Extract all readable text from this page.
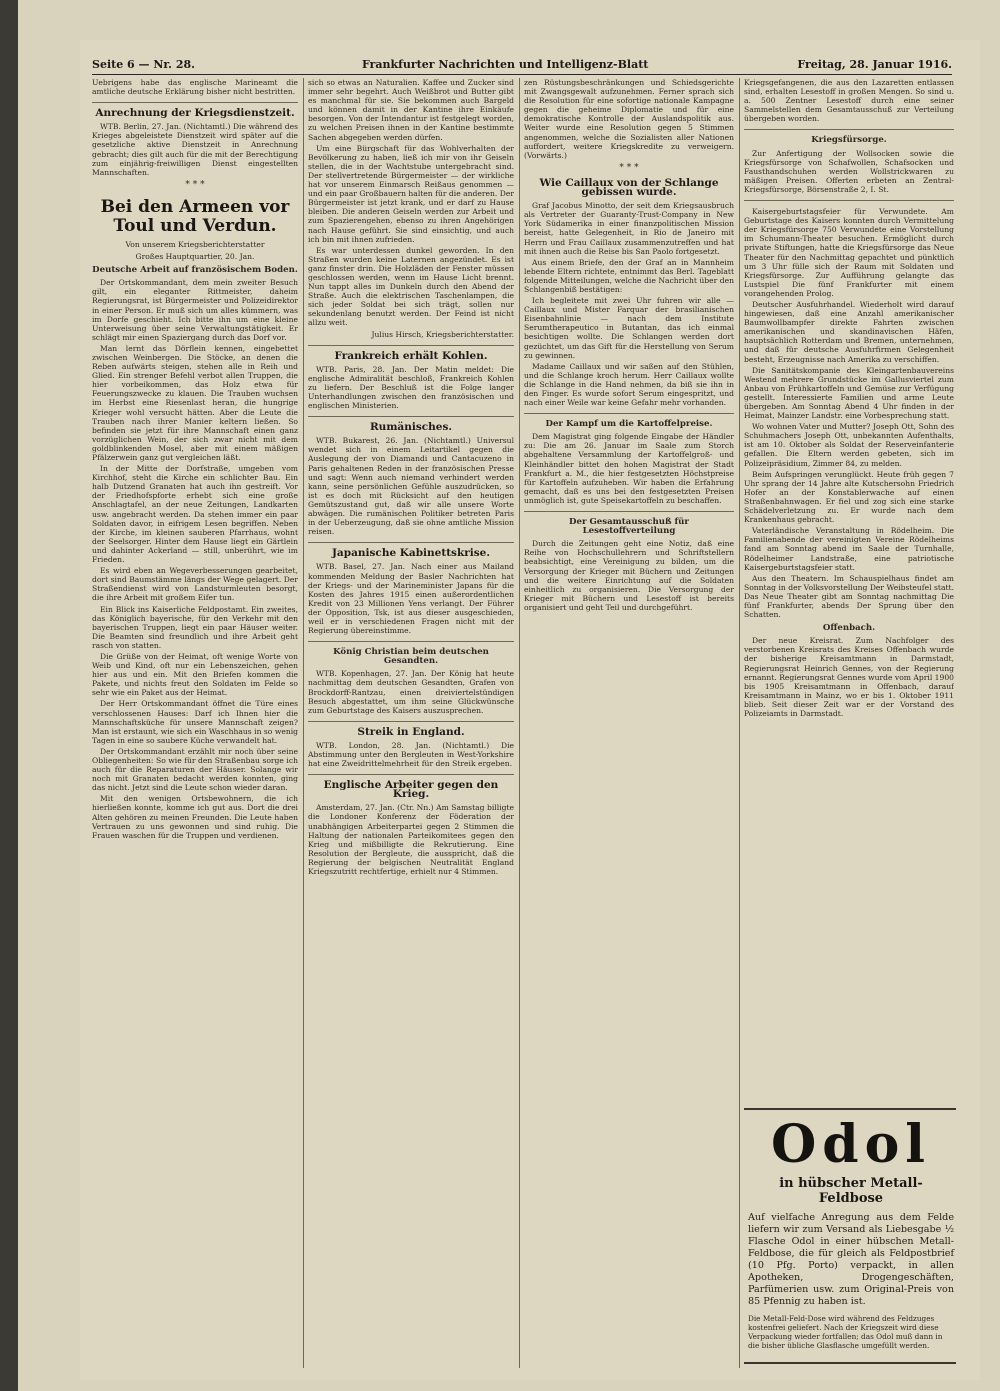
Seite 6 — Nr. 28.	Frankfurter Nachrichten und Intelligenz-Blatt	Freitag, 28. Januar 1916.

Uebrigens habe das englische Marineamt die amtliche deutsche Erklärung bisher nicht bestritten.

Anrechnung der Kriegsdienstzeit.

WTB. Berlin, 27. Jan. (Nichtamtl.) Die während des Krieges abgeleistete Dienstzeit wird später auf die gesetzliche aktive Dienstzeit in Anrechnung gebracht; dies gilt auch für die mit der Berechtigung zum einjährig-freiwilligen Dienst eingestellten Mannschaften.

* * *
Bei den Armeen vor Toul und Verdun.
Von unserem Kriegsberichterstatter
Großes Hauptquartier, 20. Jan.
Deutsche Arbeit auf französischem Boden.

Der Ortskommandant, dem mein zweiter Besuch gilt, ein eleganter Rittmeister, daheim Regierungsrat, ist Bürgermeister und Polizeidirektor in einer Person. Er muß sich um alles kümmern, was im Dorfe geschieht. Ich bitte ihn um eine kleine Unterweisung über seine Verwaltungstätigkeit. Er schlägt mir einen Spaziergang durch das Dorf vor.

Man lernt das Dörflein kennen, eingebettet zwischen Weinbergen. Die Stöcke, an denen die Reben aufwärts steigen, stehen alle in Reih und Glied. Ein strenger Befehl verbot allen Truppen, die hier vorbeikommen, das Holz etwa für Feuerungszwecke zu klauen. Die Trauben wuchsen im Herbst eine Riesenlast heran, die hungrige Krieger wohl versucht hätten. Aber die Leute die Trauben nach ihrer Manier keltern ließen. So befinden sie jetzt für ihre Mannschaft einen ganz vorzüglichen Wein, der sich zwar nicht mit dem goldblinkenden Mosel, aber mit einem mäßigen Pfälzerwein ganz gut vergleichen läßt.

In der Mitte der Dorfstraße, umgeben vom Kirchhof, steht die Kirche ein schlichter Bau. Ein halb Dutzend Granaten hat auch ihn gestreift. Vor der Friedhofspforte erhebt sich eine große Anschlagtafel, an der neue Zeitungen, Landkarten usw. angebracht werden. Da stehen immer ein paar Soldaten davor, in eifrigem Lesen begriffen. Neben der Kirche, im kleinen sauberen Pfarrhaus, wohnt der Seelsorger. Hinter dem Hause liegt ein Gärtlein und dahinter Ackerland — still, unberührt, wie im Frieden.

Es wird eben an Wegeverbesserungen gearbeitet, dort sind Baumstämme längs der Wege gelagert. Der Straßendienst wird von Landsturmleuten besorgt, die ihre Arbeit mit großem Eifer tun.

Ein Blick ins Kaiserliche Feldpostamt. Ein zweites, das Königlich bayerische, für den Verkehr mit den bayerischen Truppen, liegt ein paar Häuser weiter. Die Beamten sind freundlich und ihre Arbeit geht rasch von statten.

Die Grüße von der Heimat, oft wenige Worte von Weib und Kind, oft nur ein Lebenszeichen, gehen hier aus und ein. Mit den Briefen kommen die Pakete, und nichts freut den Soldaten im Felde so sehr wie ein Paket aus der Heimat.

Der Herr Ortskommandant öffnet die Türe eines verschlossenen Hauses: Darf ich Ihnen hier die Mannschaftsküche für unsere Mannschaft zeigen? Man ist erstaunt, wie sich ein Waschhaus in so wenig Tagen in eine so saubere Küche verwandelt hat.

Der Ortskommandant erzählt mir noch über seine Obliegenheiten: So wie für den Straßenbau sorge ich auch für die Reparaturen der Häuser. Solange wir noch mit Granaten bedacht werden konnten, ging das nicht. Jetzt sind die Leute schon wieder daran.

Mit den wenigen Ortsbewohnern, die ich hierließen konnte, komme ich gut aus. Dort die drei Alten gehören zu meinen Freunden. Die Leute haben Vertrauen zu uns gewonnen und sind ruhig. Die Frauen waschen für die Truppen und verdienen.

sich so etwas an Naturalien. Kaffee und Zucker sind immer sehr begehrt. Auch Weißbrot und Butter gibt es manchmal für sie. Sie bekommen auch Bargeld und können damit in der Kantine ihre Einkäufe besorgen. Von der Intendantur ist festgelegt worden, zu welchen Preisen ihnen in der Kantine bestimmte Sachen abgegeben werden dürfen.

Um eine Bürgschaft für das Wohlverhalten der Bevölkerung zu haben, ließ ich mir von ihr Geiseln stellen, die in der Wachtstube untergebracht sind. Der stellvertretende Bürgermeister — der wirkliche hat vor unserem Einmarsch Reißaus genommen — und ein paar Großbauern halten für die anderen. Der Bürgermeister ist jetzt krank, und er darf zu Hause bleiben. Die anderen Geiseln werden zur Arbeit und zum Spazierengehen, ebenso zu ihren Angehörigen nach Hause geführt. Sie sind einsichtig, und auch ich bin mit ihnen zufrieden.

Es war unterdessen dunkel geworden. In den Straßen wurden keine Laternen angezündet. Es ist ganz finster drin. Die Holzläden der Fenster müssen geschlossen werden, wenn im Hause Licht brennt. Nun tappt alles im Dunkeln durch den Abend der Straße. Auch die elektrischen Taschenlampen, die sich jeder Soldat bei sich trägt, sollen nur sekundenlang benutzt werden. Der Feind ist nicht allzu weit.

Julius Hirsch, Kriegsberichterstatter.

Frankreich erhält Kohlen.

WTB. Paris, 28. Jan. Der Matin meldet: Die englische Admiralität beschloß, Frankreich Kohlen zu liefern. Der Beschluß ist die Folge langer Unterhandlungen zwischen den französischen und englischen Ministerien.

Rumänisches.

WTB. Bukarest, 26. Jan. (Nichtamtl.) Universul wendet sich in einem Leitartikel gegen die Auslegung der von Diamandi und Cantacuzeno in Paris gehaltenen Reden in der französischen Presse und sagt: Wenn auch niemand verhindert werden kann, seine persönlichen Gefühle auszudrücken, so ist es doch mit Rücksicht auf den heutigen Gemütszustand gut, daß wir alle unsere Worte abwägen. Die rumänischen Politiker betreten Paris in der Ueberzeugung, daß sie ohne amtliche Mission reisen.

Japanische Kabinettskrise.

WTB. Basel, 27. Jan. Nach einer aus Mailand kommenden Meldung der Basler Nachrichten hat der Kriegs- und der Marineminister Japans für die Kosten des Jahres 1915 einen außerordentlichen Kredit von 23 Millionen Yens verlangt. Der Führer der Opposition, Tsk, ist aus dieser ausgeschieden, weil er in verschiedenen Fragen nicht mit der Regierung übereinstimme.

König Christian beim deutschen Gesandten.

WTB. Kopenhagen, 27. Jan. Der König hat heute nachmittag dem deutschen Gesandten, Grafen von Brockdorff-Rantzau, einen dreiviertelstündigen Besuch abgestattet, um ihm seine Glückwünsche zum Geburtstage des Kaisers auszusprechen.

Streik in England.

WTB. London, 28. Jan. (Nichtamtl.) Die Abstimmung unter den Bergleuten in West-Yorkshire hat eine Zweidrittelmehrheit für den Streik ergeben.

Englische Arbeiter gegen den Krieg.

Amsterdam, 27. Jan. (Ctr. Nn.) Am Samstag billigte die Londoner Konferenz der Föderation der unabhängigen Arbeiterpartei gegen 2 Stimmen die Haltung der nationalen Parteikomitees gegen den Krieg und mißbilligte die Rekrutierung. Eine Resolution der Bergleute, die ausspricht, daß die Regierung der belgischen Neutralität England Kriegszutritt rechtfertige, erhielt nur 4 Stimmen.

zen Rüstungsbeschränkungen und Schiedsgerichte mit Zwangsgewalt aufzunehmen. Ferner sprach sich die Resolution für eine sofortige nationale Kampagne gegen die geheime Diplomatie und für eine demokratische Kontrolle der Auslandspolitik aus. Weiter wurde eine Resolution gegen 5 Stimmen angenommen, welche die Sozialisten aller Nationen auffordert, weitere Kriegskredite zu verweigern. (Vorwärts.)

* * *
Wie Caillaux von der Schlange gebissen wurde.

Graf Jacobus Minotto, der seit dem Kriegsausbruch als Vertreter der Guaranty-Trust-Company in New York Südamerika in einer finanzpolitischen Mission bereist, hatte Gelegenheit, in Rio de Janeiro mit Herrn und Frau Caillaux zusammenzutreffen und hat mit ihnen auch die Reise bis San Paolo fortgesetzt.

Aus einem Briefe, den der Graf an in Mannheim lebende Eltern richtete, entnimmt das Berl. Tageblatt folgende Mitteilungen, welche die Nachricht über den Schlangenbiß bestätigen:

Ich begleitete mit zwei Uhr fuhren wir alle — Caillaux und Mister Farquar der brasilianischen Eisenbahnlinie — nach dem Institute Serumtherapeutico in Butantan, das ich einmal besichtigen wollte. Die Schlangen werden dort gezüchtet, um das Gift für die Herstellung von Serum zu gewinnen.

Madame Caillaux und wir saßen auf den Stühlen, und die Schlange kroch herum. Herr Caillaux wollte die Schlange in die Hand nehmen, da biß sie ihn in den Finger. Es wurde sofort Serum eingespritzt, und nach einer Weile war keine Gefahr mehr vorhanden.

Der Kampf um die Kartoffelpreise.

Dem Magistrat ging folgende Eingabe der Händler zu: Die am 26. Januar im Saale zum Storch abgehaltene Versammlung der Kartoffelgroß- und Kleinhändler bittet den hohen Magistrat der Stadt Frankfurt a. M., die hier festgesetzten Höchstpreise für Kartoffeln aufzuheben. Wir haben die Erfahrung gemacht, daß es uns bei den festgesetzten Preisen unmöglich ist, gute Speisekartoffeln zu beschaffen.

Der Gesamtausschuß für Lesestoffverteilung

Durch die Zeitungen geht eine Notiz, daß eine Reihe von Hochschullehrern und Schriftstellern beabsichtigt, eine Vereinigung zu bilden, um die Versorgung der Krieger mit Büchern und Zeitungen und die weitere Einrichtung auf die Soldaten einheitlich zu organisieren. Die Versorgung der Krieger mit Büchern und Lesestoff ist bereits organisiert und geht Teil und durchgeführt.

Kriegsgefangenen, die aus den Lazaretten entlassen sind, erhalten Lesestoff in großen Mengen. So sind u. a. 500 Zentner Lesestoff durch eine seiner Sammelstellen dem Gesamtausschuß zur Verteilung übergeben worden.

Kriegsfürsorge.

Zur Anfertigung der Wollsocken sowie die Kriegsfürsorge von Schafwollen, Schafsocken und Fausthandschuhen werden Wollstrickwaren zu mäßigen Preisen. Offerten erbeten an Zentral-Kriegsfürsorge, Börsenstraße 2, I. St.

Kaisergeburtstagsfeier für Verwundete. Am Geburtstage des Kaisers konnten durch Vermittelung der Kriegsfürsorge 750 Verwundete eine Vorstellung im Schumann-Theater besuchen. Ermöglicht durch private Stiftungen, hatte die Kriegsfürsorge das Neue Theater für den Nachmittag gepachtet und pünktlich um 3 Uhr fülle sich der Raum mit Soldaten und Kriegsfürsorge. Zur Aufführung gelangte das Lustspiel Die fünf Frankfurter mit einem vorangehenden Prolog.

Deutscher Ausfuhrhandel. Wiederholt wird darauf hingewiesen, daß eine Anzahl amerikanischer Baumwollbampfer direkte Fahrten zwischen amerikanischen und skandinavischen Häfen, hauptsächlich Rotterdam und Bremen, unternehmen, und daß für deutsche Ausfuhrfirmen Gelegenheit besteht, Erzeugnisse nach Amerika zu verschiffen.

Die Sanitätskompanie des Kleingartenbauvereins Westend mehrere Grundstücke im Gallusviertel zum Anbau von Frühkartoffeln und Gemüse zur Verfügung gestellt. Interessierte Familien und arme Leute übergeben. Am Sonntag Abend 4 Uhr finden in der Heimat, Mainzer Landstr. eine Vorbesprechung statt.

Wo wohnen Vater und Mutter? Joseph Ott, Sohn des Schuhmachers Joseph Ott, unbekannten Aufenthalts, ist am 10. Oktober als Soldat der Reserveinfanterie gefallen. Die Eltern werden gebeten, sich im Polizeipräsidium, Zimmer 84, zu melden.

Beim Aufspringen verunglückt. Heute früh gegen 7 Uhr sprang der 14 Jahre alte Kutschersohn Friedrich Hofer an der Konstablerwache auf einen Straßenbahnwagen. Er fiel und zog sich eine starke Schädelverletzung zu. Er wurde nach dem Krankenhaus gebracht.

Vaterländische Veranstaltung in Rödelheim. Die Familienabende der vereinigten Vereine Rödelheims fand am Sonntag abend im Saale der Turnhalle, Rödelheimer Landstraße, eine patriotische Kaisergeburtstagsfeier statt.

Aus den Theatern. Im Schauspielhaus findet am Sonntag in der Volksvorstellung Der Weibsteufel statt. Das Neue Theater gibt am Sonntag nachmittag Die fünf Frankfurter, abends Der Sprung über den Schatten.

Offenbach.

Der neue Kreisrat. Zum Nachfolger des verstorbenen Kreisrats des Kreises Offenbach wurde der bisherige Kreisamtmann in Darmstadt, Regierungsrat Heinrich Gennes, von der Regierung ernannt. Regierungsrat Gennes wurde vom April 1900 bis 1905 Kreisamtmann in Offenbach, darauf Kreisamtmann in Mainz, wo er bis 1. Oktober 1911 blieb. Seit dieser Zeit war er der Vorstand des Polizeiamts in Darmstadt.

Odol
in hübscher Metall-Feldbose
Auf vielfache Anregung aus dem Felde liefern wir zum Versand als Liebesgabe ½ Flasche Odol in einer hübschen Metall-Feldbose, die für gleich als Feldpostbrief (10 Pfg. Porto) verpackt, in allen Apotheken, Drogengeschäften, Parfümerien usw. zum Original-Preis von 85 Pfennig zu haben ist.
Die Metall-Feld-Dose wird während des Feldzuges kostenfrei geliefert. Nach der Kriegszeit wird diese Verpackung wieder fortfallen; das Odol muß dann in die bisher übliche Glasflasche umgefüllt werden.
